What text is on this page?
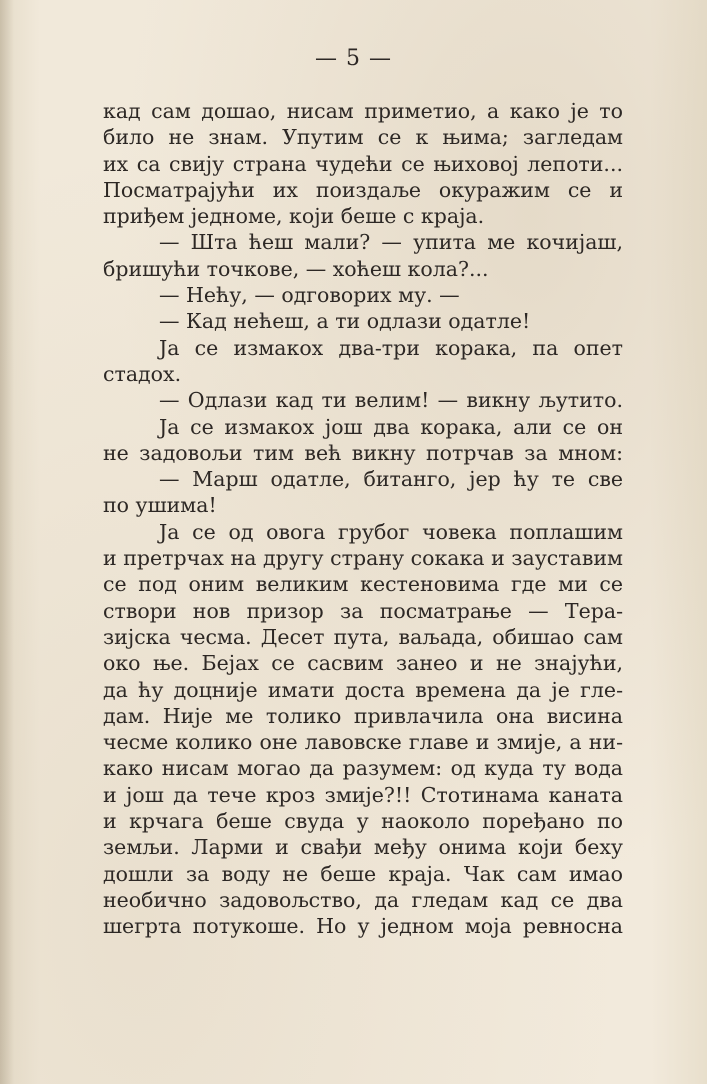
— 5 —
кад сам дошао, нисам приметио, а како је то
било не знам. Упутим се к њима; загледам
их са свију страна чудећи се њиховој лепоти...
Посматрајући их поиздаље окуражим се и
приђем једноме, који беше с краја.
— Шта ћеш мали? — упита ме кочијаш,
бришући точкове, — хоћеш кола?...
— Нећу, — одговорих му. —
— Кад нећеш, а ти одлази одатле!
Ја се измакох два-три корака, па опет
стадох.
— Одлази кад ти велим! — викну љутито.
Ја се измакох још два корака, али се он
не задовољи тим већ викну потрчав за мном:
— Марш одатле, битанго, јер ћу те све
по ушима!
Ја се од овога грубог човека поплашим
и претрчах на другу страну сокака и зауставим
се под оним великим кестеновима где ми се
створи нов призор за посматрање — Тера-
зијска чесма. Десет пута, ваљада, обишао сам
око ње. Бејах се сасвим занео и не знајући,
да ћу доцније имати доста времена да је гле-
дам. Није ме толико привлачила она висина
чесме колико оне лавовске главе и змије, а ни-
како нисам могао да разумем: од куда ту вода
и још да тече кроз змије?!! Стотинама каната
и крчага беше свуда у наоколо поређано по
земљи. Ларми и свађи међу онима који беху
дошли за воду не беше краја. Чак сам имао
необично задовољство, да гледам кад се два
шегрта потукоше. Но у једном моја ревносна
